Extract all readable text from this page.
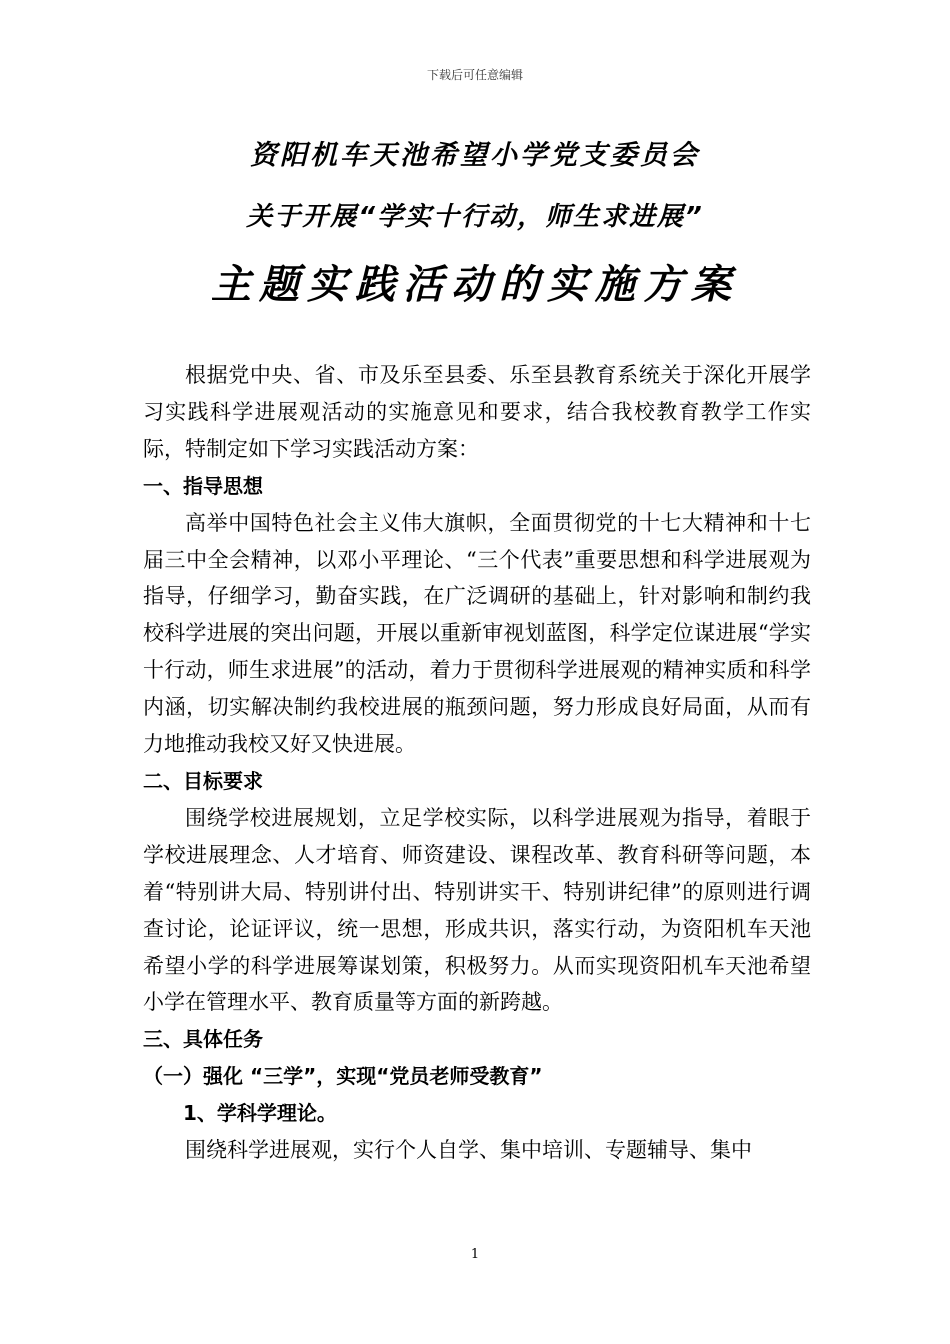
下载后可任意编辑
资阳机车天池希望小学党支委员会
关于开展“学实十行动，师生求进展”
主题实践活动的实施方案

根据党中央、省、市及乐至县委、乐至县教育系统关于深化开展学习实践科学进展观活动的实施意见和要求，结合我校教育教学工作实际，特制定如下学习实践活动方案：

一、指导思想

高举中国特色社会主义伟大旗帜，全面贯彻党的十七大精神和十七届三中全会精神，以邓小平理论、“三个代表”重要思想和科学进展观为指导，仔细学习，勤奋实践，在广泛调研的基础上，针对影响和制约我校科学进展的突出问题，开展以重新审视划蓝图，科学定位谋进展“学实十行动，师生求进展”的活动，着力于贯彻科学进展观的精神实质和科学内涵，切实解决制约我校进展的瓶颈问题，努力形成良好局面，从而有力地推动我校又好又快进展。

二、目标要求

围绕学校进展规划，立足学校实际，以科学进展观为指导，着眼于学校进展理念、人才培育、师资建设、课程改革、教育科研等问题，本着“特别讲大局、特别讲付出、特别讲实干、特别讲纪律”的原则进行调查讨论，论证评议，统一思想，形成共识，落实行动，为资阳机车天池希望小学的科学进展筹谋划策，积极努力。从而实现资阳机车天池希望小学在管理水平、教育质量等方面的新跨越。

三、具体任务

（一）强化 “三学”，实现“党员老师受教育”

1、学科学理论。

围绕科学进展观，实行个人自学、集中培训、专题辅导、集中

1
